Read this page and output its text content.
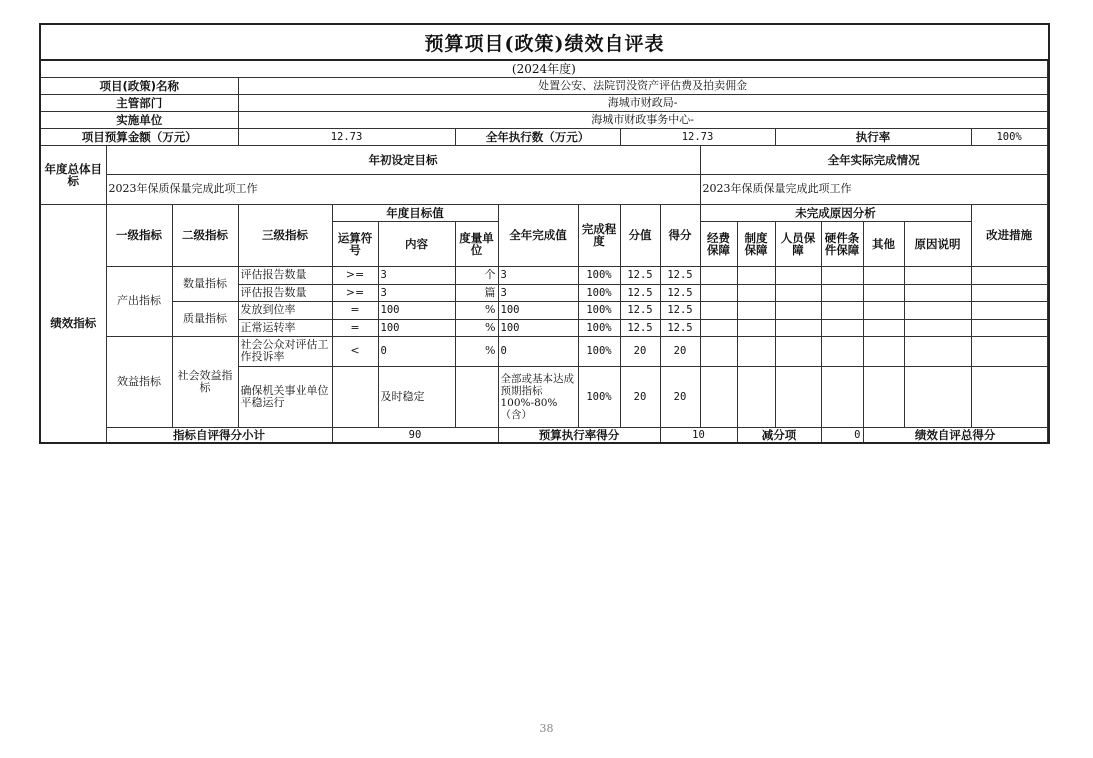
预算项目(政策)绩效自评表
(2024年度)																		
项目(政策)名称			处置公安、法院罚没资产评估费及拍卖佣金															
主管部门			海城市财政局-															
实施单位			海城市财政事务中心-															
项目预算金额（万元）			12.73			全年执行数（万元）			12.73				执行率				100%	
年度总体目标	年初设定目标										全年实际完成情况							
	2023年保质保量完成此项工作										2023年保质保量完成此项工作							
绩效指标	一级指标	二级指标	三级指标	年度目标值			全年完成值	完成程度	分值	得分	未完成原因分析						改进措施	
				运算符号	内容	度量单位					经费保障	制度保障	人员保障	硬件条件保障	其他	原因说明		
	产出指标	数量指标	评估报告数量	>=	3	个	3	100%	12.5	12.5								
			评估报告数量	>=	3	篇	3	100%	12.5	12.5								
		质量指标	发放到位率	=	100	%	100	100%	12.5	12.5								
			正常运转率	=	100	%	100	100%	12.5	12.5								
	效益指标	社会效益指标	社会公众对评估工作投诉率	<	0	%	0	100%	20	20								
			确保机关事业单位平稳运行		及时稳定		全部或基本达成预期指标100%-80%（含）	100%	20	20								
	指标自评得分小计			90			预算执行率得分			10		减分项		0	绩效自评总得分	
38
